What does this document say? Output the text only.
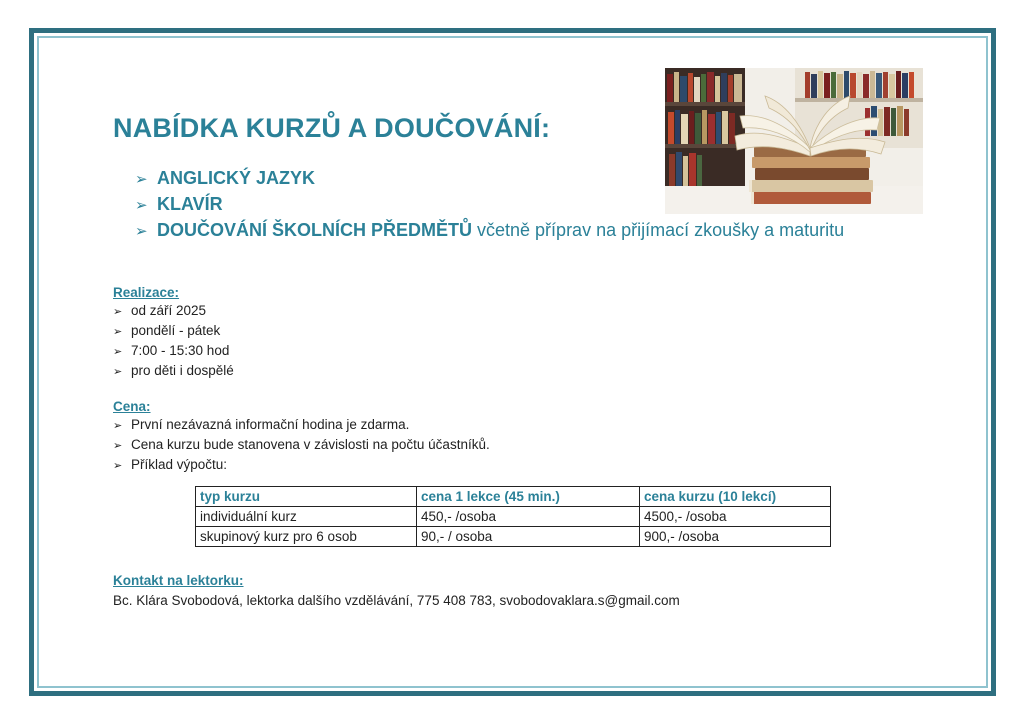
NABÍDKA KURZŮ A DOUČOVÁNÍ:
➢ ANGLICKÝ JAZYK
➢ KLAVÍR
➢ DOUČOVÁNÍ ŠKOLNÍCH PŘEDMĚTŮ včetně příprav na přijímací zkoušky a maturitu
Realizace:
➢ od září 2025
➢ pondělí - pátek
➢ 7:00 - 15:30 hod
➢ pro děti i dospělé
Cena:
➢ První nezávazná informační hodina je zdarma.
➢ Cena kurzu bude stanovena v závislosti na počtu účastníků.
➢ Příklad výpočtu:
typ kurzu	cena 1 lekce (45 min.)	cena kurzu (10 lekcí)
individuální kurz	450,- /osoba	4500,- /osoba
skupinový kurz pro 6 osob	90,- / osoba	900,- /osoba
Kontakt na lektorku:
Bc. Klára Svobodová, lektorka dalšího vzdělávání, 775 408 783, svobodovaklara.s@gmail.com
